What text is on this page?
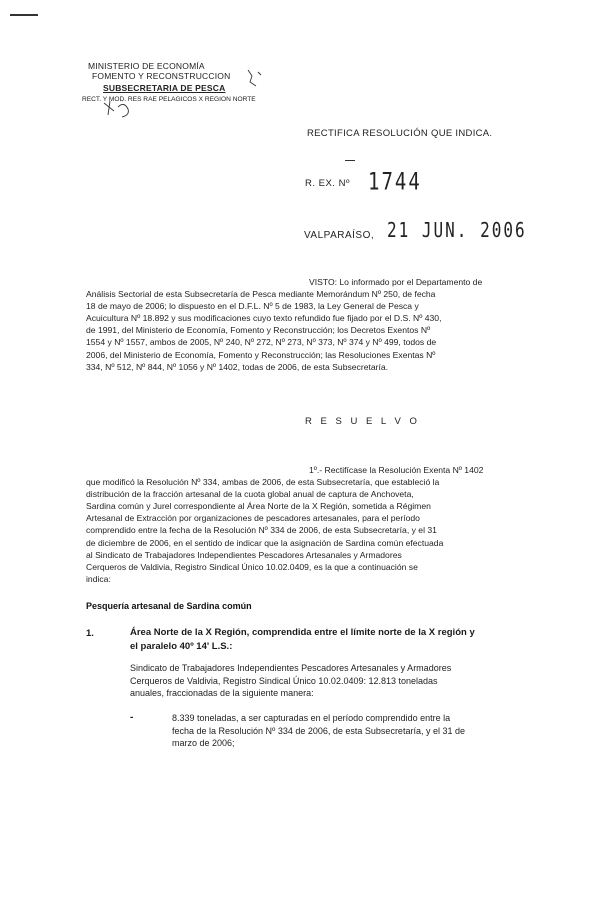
MINISTERIO DE ECONOMÍA
FOMENTO Y RECONSTRUCCION
SUBSECRETARIA DE PESCA
RECT. Y MOD. RES RAE PELAGICOS X REGION NORTE
RECTIFICA RESOLUCIÓN QUE INDICA.
R. EX. Nº 1744
VALPARAÍSO, 21 JUN. 2006
VISTO: Lo informado por el Departamento de
Análisis Sectorial de esta Subsecretaría de Pesca mediante Memorándum Nº 250, de fecha
18 de mayo de 2006; lo dispuesto en el D.F.L. Nº 5 de 1983, la Ley General de Pesca y
Acuicultura Nº 18.892 y sus modificaciones cuyo texto refundido fue fijado por el D.S. Nº 430,
de 1991, del Ministerio de Economía, Fomento y Reconstrucción; los Decretos Exentos Nº
1554 y Nº 1557, ambos de 2005, Nº 240, Nº 272, Nº 273, Nº 373, Nº 374 y Nº 499, todos de
2006, del Ministerio de Economía, Fomento y Reconstrucción; las Resoluciones Exentas Nº
334, Nº 512, Nº 844, Nº 1056 y Nº 1402, todas de 2006, de esta Subsecretaría.
R E S U E L V O
1º.- Rectifícase la Resolución Exenta Nº 1402
que modificó la Resolución Nº 334, ambas de 2006, de esta Subsecretaría, que estableció la
distribución de la fracción artesanal de la cuota global anual de captura de Anchoveta,
Sardina común y Jurel correspondiente al Área Norte de la X Región, sometida a Régimen
Artesanal de Extracción por organizaciones de pescadores artesanales, para el período
comprendido entre la fecha de la Resolución Nº 334 de 2006, de esta Subsecretaría, y el 31
de diciembre de 2006, en el sentido de indicar que la asignación de Sardina común efectuada
al Sindicato de Trabajadores Independientes Pescadores Artesanales y Armadores
Cerqueros de Valdivia, Registro Sindical Único 10.02.0409, es la que a continuación se
indica:
Pesquería artesanal de Sardina común
1.	Área Norte de la X Región, comprendida entre el límite norte de la X región y
el paralelo 40º 14' L.S.:
Sindicato de Trabajadores Independientes Pescadores Artesanales y Armadores
Cerqueros de Valdivia, Registro Sindical Único 10.02.0409: 12.813 toneladas
anuales, fraccionadas de la siguiente manera:
-	8.339 toneladas, a ser capturadas en el período comprendido entre la
fecha de la Resolución Nº 334 de 2006, de esta Subsecretaría, y el 31 de
marzo de 2006;
